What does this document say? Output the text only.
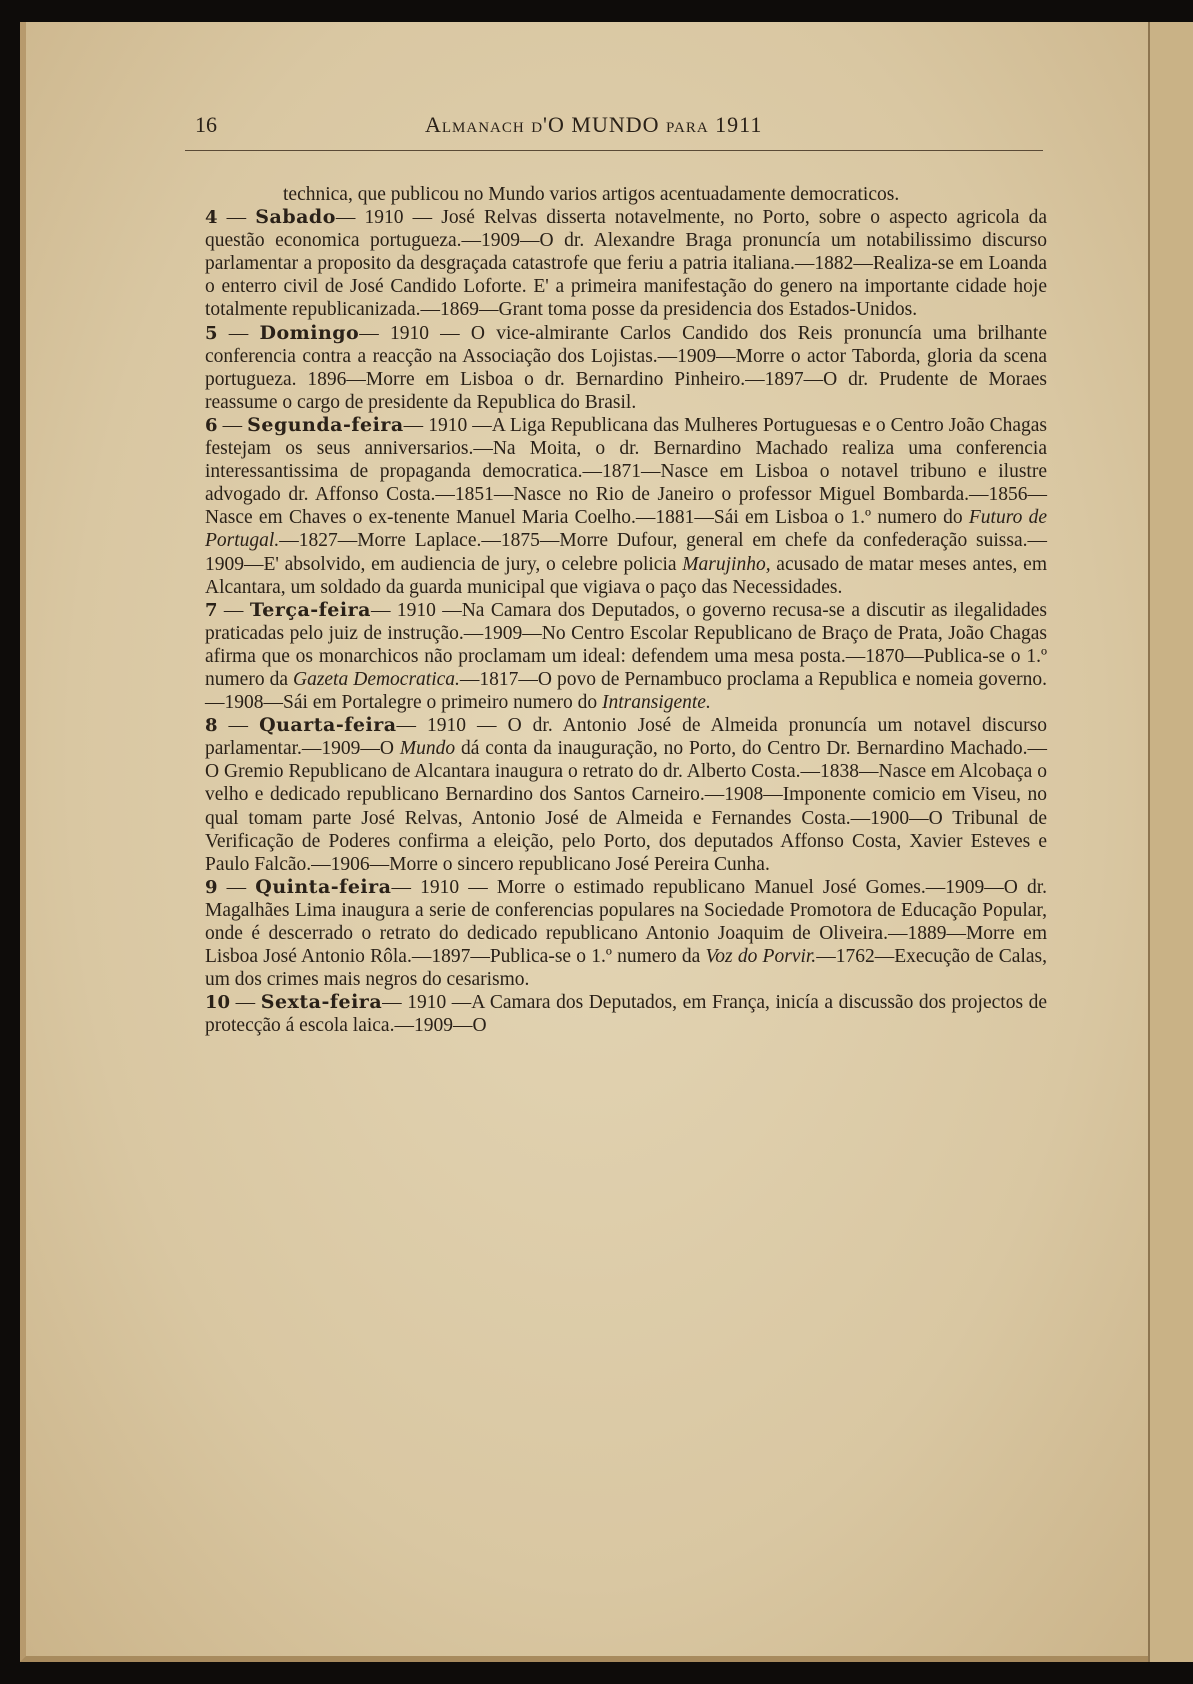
16	Almanach d'O MUNDO para 1911

technica, que publicou no Mundo varios artigos acentuadamente democraticos.

4 — Sabado— 1910 — José Relvas disserta notavelmente, no Porto, sobre o aspecto agricola da questão economica portugueza.—1909—O dr. Alexandre Braga pronuncía um notabilissimo discurso parlamentar a proposito da desgraçada catastrofe que feriu a patria italiana.—1882—Realiza-se em Loanda o enterro civil de José Candido Loforte. E' a primeira manifestação do genero na importante cidade hoje totalmente republicanizada.—1869—Grant toma posse da presidencia dos Estados-Unidos.

5 — Domingo— 1910 — O vice-almirante Carlos Candido dos Reis pronuncía uma brilhante conferencia contra a reacção na Associação dos Lojistas.—1909—Morre o actor Taborda, gloria da scena portugueza. 1896—Morre em Lisboa o dr. Bernardino Pinheiro.—1897—O dr. Prudente de Moraes reassume o cargo de presidente da Republica do Brasil.

6 — Segunda-feira— 1910 —A Liga Republicana das Mulheres Portuguesas e o Centro João Chagas festejam os seus anniversarios.—Na Moita, o dr. Bernardino Machado realiza uma conferencia interessantissima de propaganda democratica.—1871—Nasce em Lisboa o notavel tribuno e ilustre advogado dr. Affonso Costa.—1851—Nasce no Rio de Janeiro o professor Miguel Bombarda.—1856—Nasce em Chaves o ex-tenente Manuel Maria Coelho.—1881—Sái em Lisboa o 1.º numero do Futuro de Portugal.—1827—Morre Laplace.—1875—Morre Dufour, general em chefe da confederação suissa.—1909—E' absolvido, em audiencia de jury, o celebre policia Marujinho, acusado de matar meses antes, em Alcantara, um soldado da guarda municipal que vigiava o paço das Necessidades.

7 — Terça-feira— 1910 —Na Camara dos Deputados, o governo recusa-se a discutir as ilegalidades praticadas pelo juiz de instrução.—1909—No Centro Escolar Republicano de Braço de Prata, João Chagas afirma que os monarchicos não proclamam um ideal: defendem uma mesa posta.—1870—Publica-se o 1.º numero da Gazeta Democratica.—1817—O povo de Pernambuco proclama a Republica e nomeia governo.—1908—Sái em Portalegre o primeiro numero do Intransigente.

8 — Quarta-feira— 1910 — O dr. Antonio José de Almeida pronuncía um notavel discurso parlamentar.—1909—O Mundo dá conta da inauguração, no Porto, do Centro Dr. Bernardino Machado.—O Gremio Republicano de Alcantara inaugura o retrato do dr. Alberto Costa.—1838—Nasce em Alcobaça o velho e dedicado republicano Bernardino dos Santos Carneiro.—1908—Imponente comicio em Viseu, no qual tomam parte José Relvas, Antonio José de Almeida e Fernandes Costa.—1900—O Tribunal de Verificação de Poderes confirma a eleição, pelo Porto, dos deputados Affonso Costa, Xavier Esteves e Paulo Falcão.—1906—Morre o sincero republicano José Pereira Cunha.

9 — Quinta-feira— 1910 — Morre o estimado republicano Manuel José Gomes.—1909—O dr. Magalhães Lima inaugura a serie de conferencias populares na Sociedade Promotora de Educação Popular, onde é descerrado o retrato do dedicado republicano Antonio Joaquim de Oliveira.—1889—Morre em Lisboa José Antonio Rôla.—1897—Publica-se o 1.º numero da Voz do Porvir.—1762—Execução de Calas, um dos crimes mais negros do cesarismo.

10 — Sexta-feira— 1910 —A Camara dos Deputados, em França, inicía a discussão dos projectos de protecção á escola laica.—1909—O
